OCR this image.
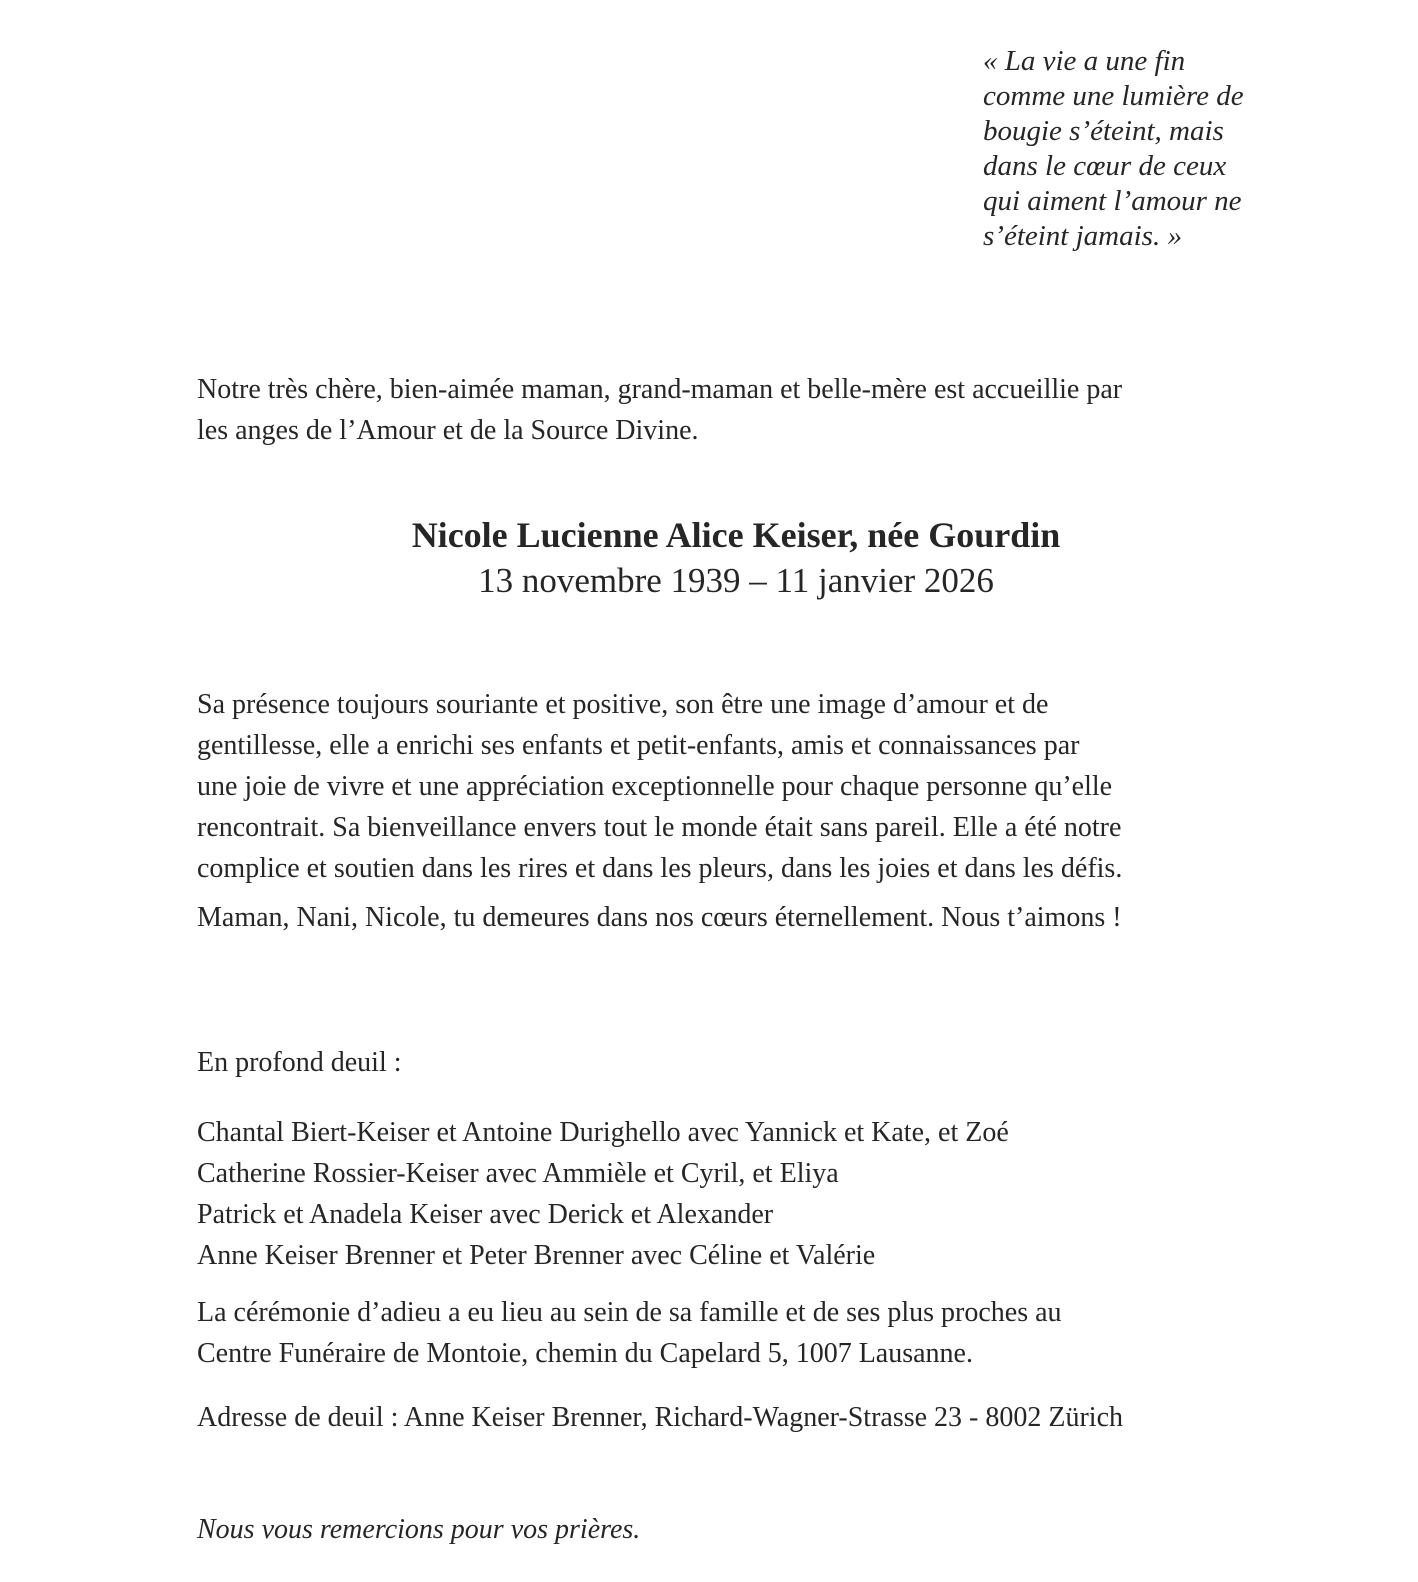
« La vie a une fin
comme une lumière de
bougie s’éteint, mais
dans le cœur de ceux
qui aiment l’amour ne
s’éteint jamais. »
Notre très chère, bien-aimée maman, grand-maman et belle-mère est accueillie par
les anges de l’Amour et de la Source Divine.
Nicole Lucienne Alice Keiser, née Gourdin
13 novembre 1939 – 11 janvier 2026
Sa présence toujours souriante et positive, son être une image d’amour et de
gentillesse, elle a enrichi ses enfants et petit-enfants, amis et connaissances par
une joie de vivre et une appréciation exceptionnelle pour chaque personne qu’elle
rencontrait. Sa bienveillance envers tout le monde était sans pareil. Elle a été notre
complice et soutien dans les rires et dans les pleurs, dans les joies et dans les défis.
Maman, Nani, Nicole, tu demeures dans nos cœurs éternellement. Nous t’aimons !
En profond deuil :
Chantal Biert-Keiser et Antoine Durighello avec Yannick et Kate, et Zoé
Catherine Rossier-Keiser avec Ammièle et Cyril, et Eliya
Patrick et Anadela Keiser avec Derick et Alexander
Anne Keiser Brenner et Peter Brenner avec Céline et Valérie
La cérémonie d’adieu a eu lieu au sein de sa famille et de ses plus proches au
Centre Funéraire de Montoie, chemin du Capelard 5, 1007 Lausanne.
Adresse de deuil : Anne Keiser Brenner, Richard-Wagner-Strasse 23 - 8002 Zürich
Nous vous remercions pour vos prières.
